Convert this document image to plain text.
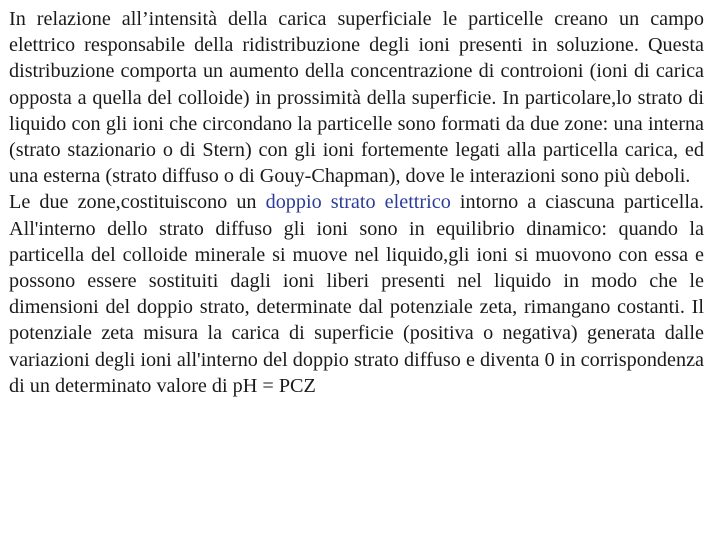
In relazione all’intensità della carica superficiale le particelle creano un campo elettrico responsabile della ridistribuzione degli ioni presenti in soluzione. Questa distribuzione comporta un aumento della concentrazione di controioni (ioni di carica opposta a quella del colloide) in prossimità della superficie. In particolare,lo strato di liquido con gli ioni che circondano la particelle sono formati da due zone: una interna (strato stazionario o di Stern) con gli ioni fortemente legati alla particella carica, ed una esterna (strato diffuso o di Gouy-Chapman), dove le interazioni sono più deboli.

Le due zone,costituiscono un doppio strato elettrico intorno a ciascuna particella. All'interno dello strato diffuso gli ioni sono in equilibrio dinamico: quando la particella del colloide minerale si muove nel liquido,gli ioni si muovono con essa e possono essere sostituiti dagli ioni liberi presenti nel liquido in modo che le dimensioni del doppio strato, determinate dal potenziale zeta, rimangano costanti. Il potenziale zeta misura la carica di superficie (positiva o negativa) generata dalle variazioni degli ioni all'interno del doppio strato diffuso e diventa 0 in corrispondenza di un determinato valore di pH = PCZ
